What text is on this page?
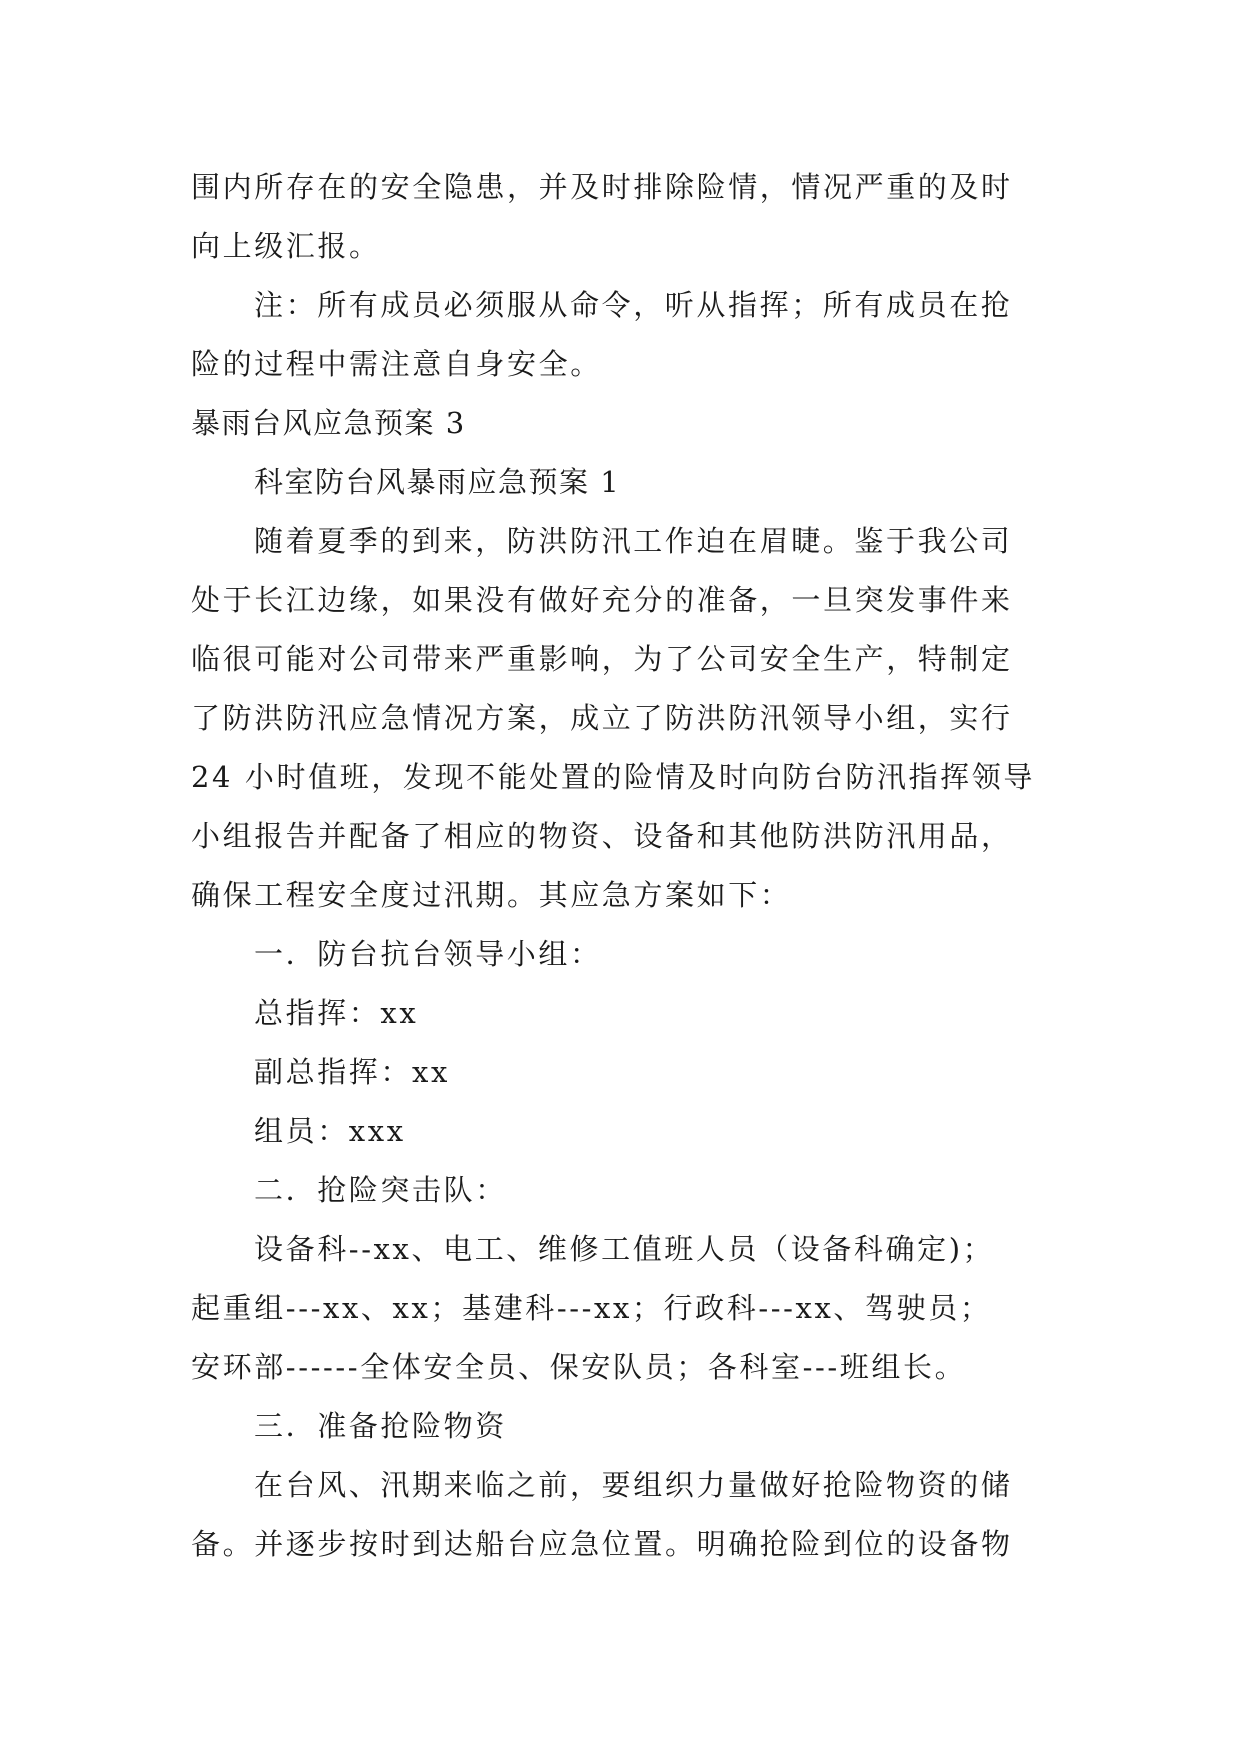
围内所存在的安全隐患，并及时排除险情，情况严重的及时
向上级汇报。
注：所有成员必须服从命令，听从指挥；所有成员在抢
险的过程中需注意自身安全。
暴雨台风应急预案 3
科室防台风暴雨应急预案 1
随着夏季的到来，防洪防汛工作迫在眉睫。鉴于我公司
处于长江边缘，如果没有做好充分的准备，一旦突发事件来
临很可能对公司带来严重影响，为了公司安全生产，特制定
了防洪防汛应急情况方案，成立了防洪防汛领导小组，实行
24 小时值班，发现不能处置的险情及时向防台防汛指挥领导
小组报告并配备了相应的物资、设备和其他防洪防汛用品，
确保工程安全度过汛期。其应急方案如下：
一．防台抗台领导小组：
总指挥：xx
副总指挥：xx
组员：xxx
二．抢险突击队：
设备科--xx、电工、维修工值班人员（设备科确定)；
起重组---xx、xx；基建科---xx；行政科---xx、驾驶员；
安环部------全体安全员、保安队员；各科室---班组长。
三．准备抢险物资
在台风、汛期来临之前，要组织力量做好抢险物资的储
备。并逐步按时到达船台应急位置。明确抢险到位的设备物
